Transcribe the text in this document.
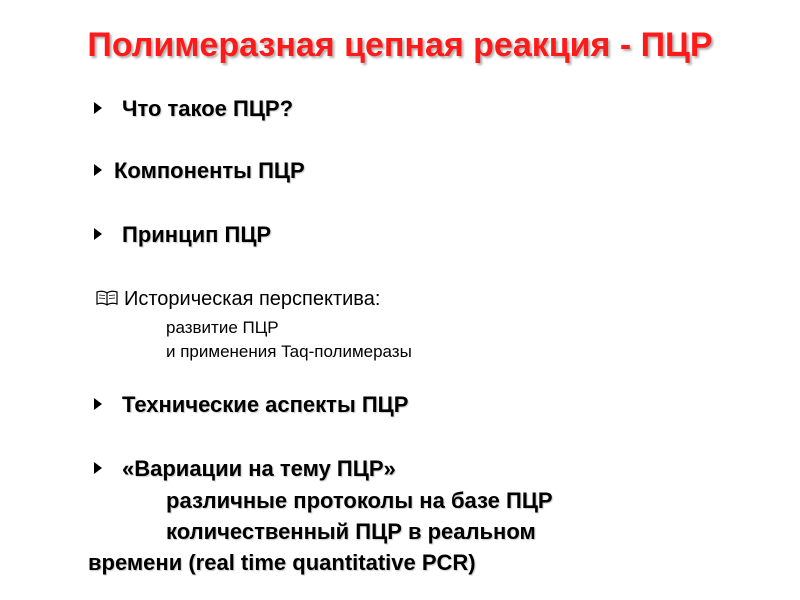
Полимеразная цепная реакция - ПЦР
Что такое ПЦР?
Компоненты ПЦР
Принцип ПЦР
Историческая перспектива:
развитие ПЦР
и применения Taq-полимеразы
Технические аспекты ПЦР
«Вариации на тему ПЦР»
различные протоколы на базе ПЦР
количественный ПЦР в реальном
времени (real time quantitative PCR)
